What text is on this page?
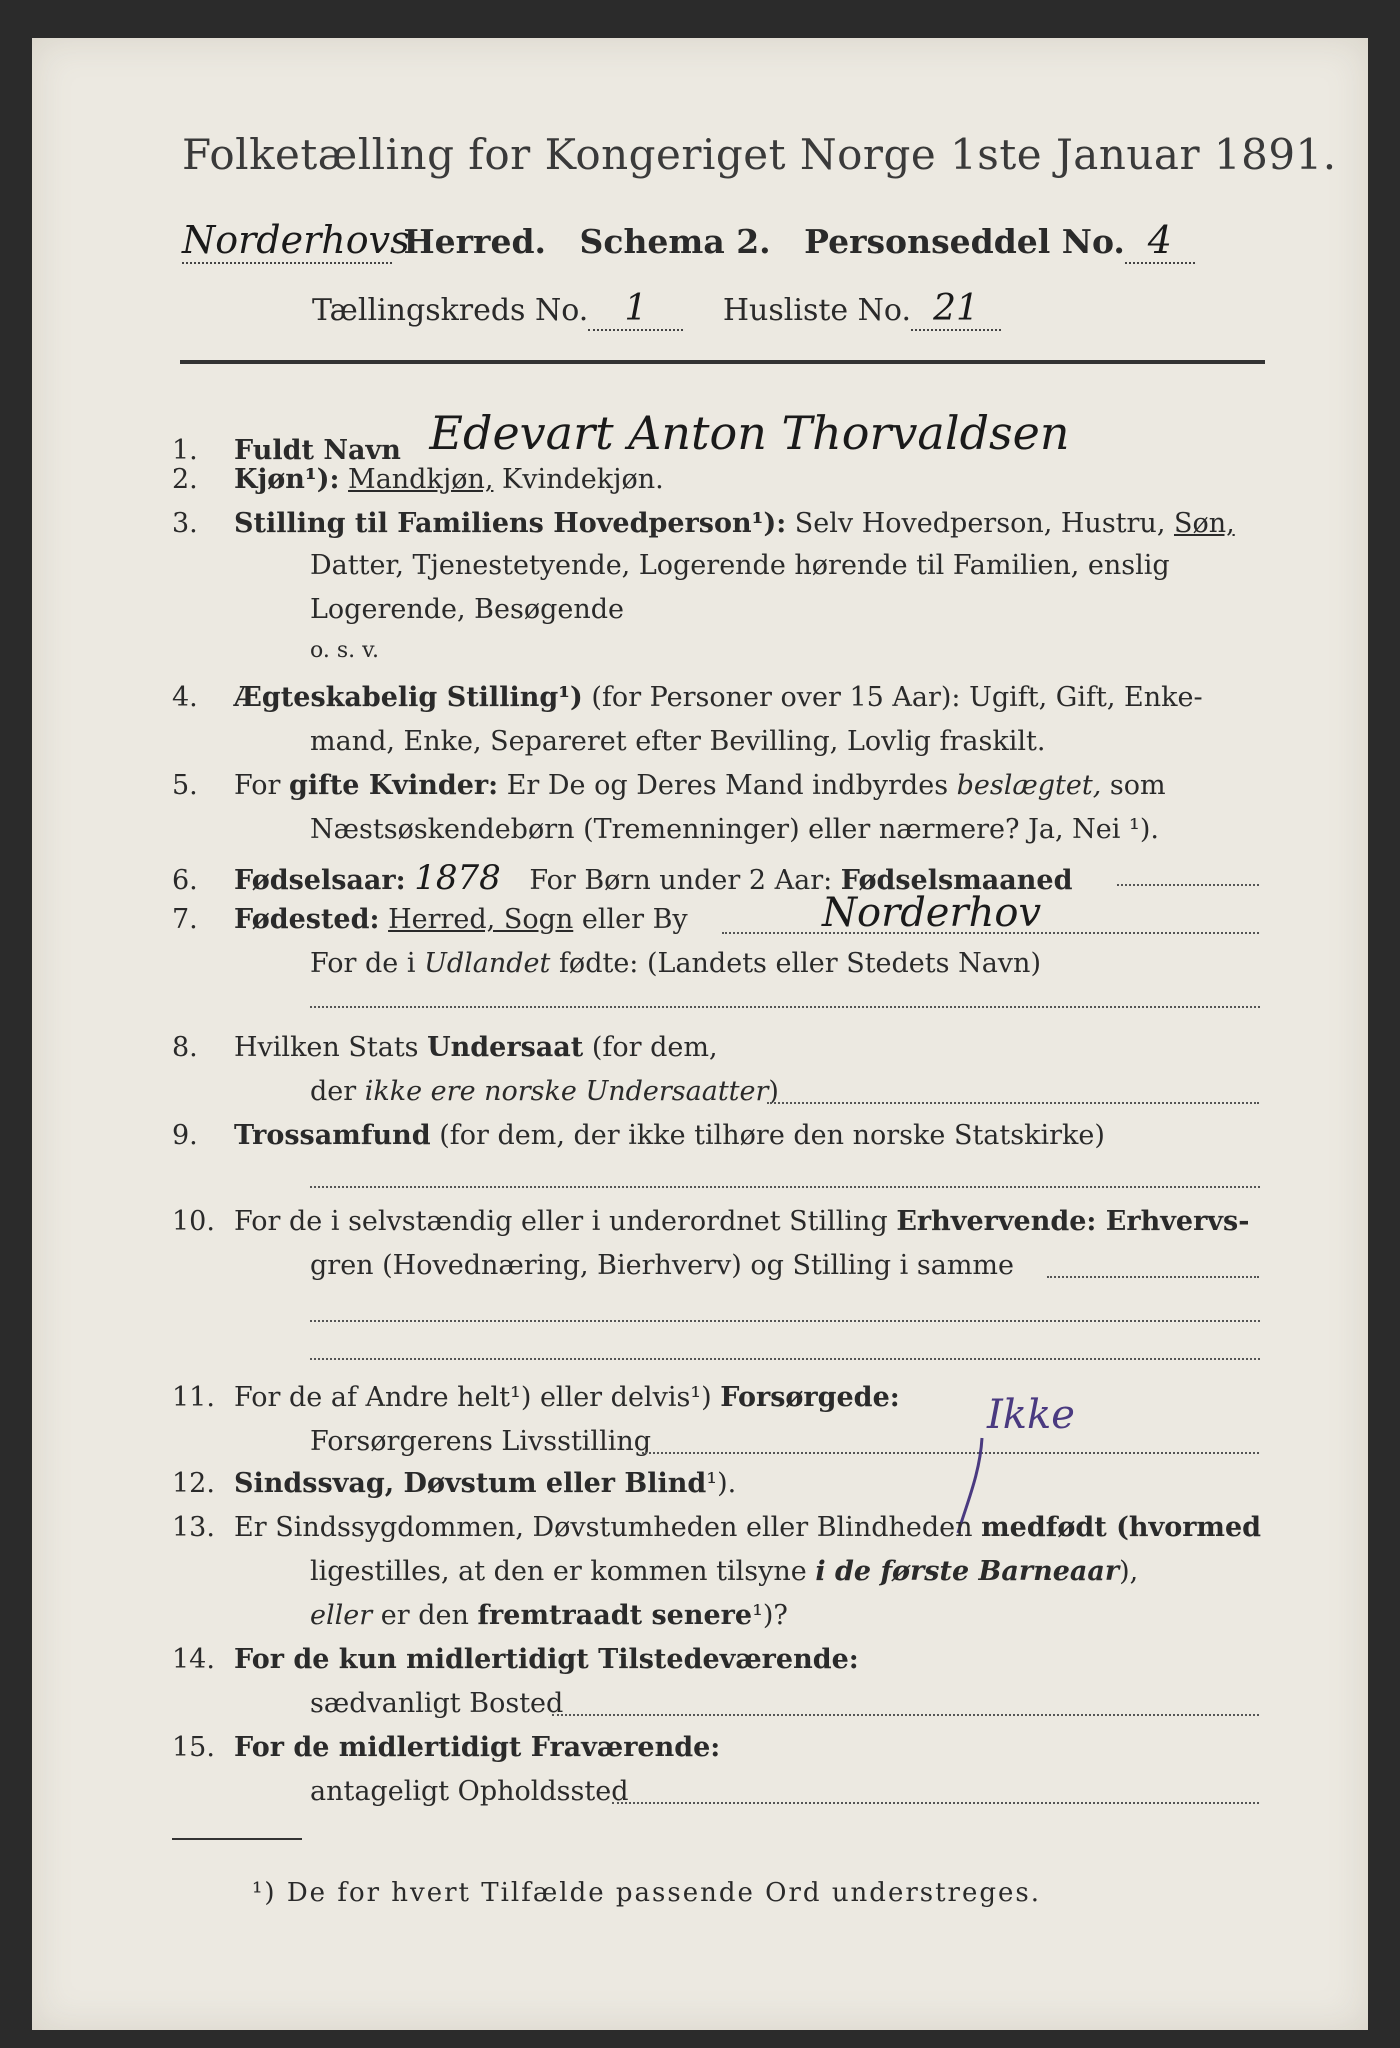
Folketælling for Kongeriget Norge 1ste Januar 1891.
Norderhovs Herred. Schema 2. Personseddel No. 4
Tællingskreds No. 1	Husliste No. 21
1. Fuldt Navn Edevart Anton Thorvaldsen
2. Kjøn¹): Mandkjøn, Kvindekjøn.
3. Stilling til Familiens Hovedperson¹): Selv Hovedperson, Hustru, Søn,
Datter, Tjenestetyende, Logerende hørende til Familien, enslig
Logerende, Besøgende
o. s. v.
4. Ægteskabelig Stilling¹) (for Personer over 15 Aar): Ugift, Gift, Enke-
mand, Enke, Separeret efter Bevilling, Lovlig fraskilt.
5. For gifte Kvinder: Er De og Deres Mand indbyrdes beslægtet, som
Næstsøskendebørn (Tremenninger) eller nærmere? Ja, Nei ¹).
6. Fødselsaar: 1878 For Børn under 2 Aar: Fødselsmaaned
7. Fødested: Herred, Sogn eller By	Norderhov
For de i Udlandet fødte: (Landets eller Stedets Navn)
8. Hvilken Stats Undersaat (for dem,
der ikke ere norske Undersaatter)
9. Trossamfund (for dem, der ikke tilhøre den norske Statskirke)
10. For de i selvstændig eller i underordnet Stilling Erhvervende: Erhvervs-
gren (Hovednæring, Bierhverv) og Stilling i samme
11. For de af Andre helt¹) eller delvis¹) Forsørgede:
Forsørgerens Livsstilling
Ikke
12. Sindssvag, Døvstum eller Blind¹).
13. Er Sindssygdommen, Døvstumheden eller Blindheden medfødt (hvormed
ligestilles, at den er kommen tilsyne i de første Barneaar),
eller er den fremtraadt senere¹)?
14. For de kun midlertidigt Tilstedeværende:
sædvanligt Bosted
15. For de midlertidigt Fraværende:
antageligt Opholdssted
¹) De for hvert Tilfælde passende Ord understreges.
